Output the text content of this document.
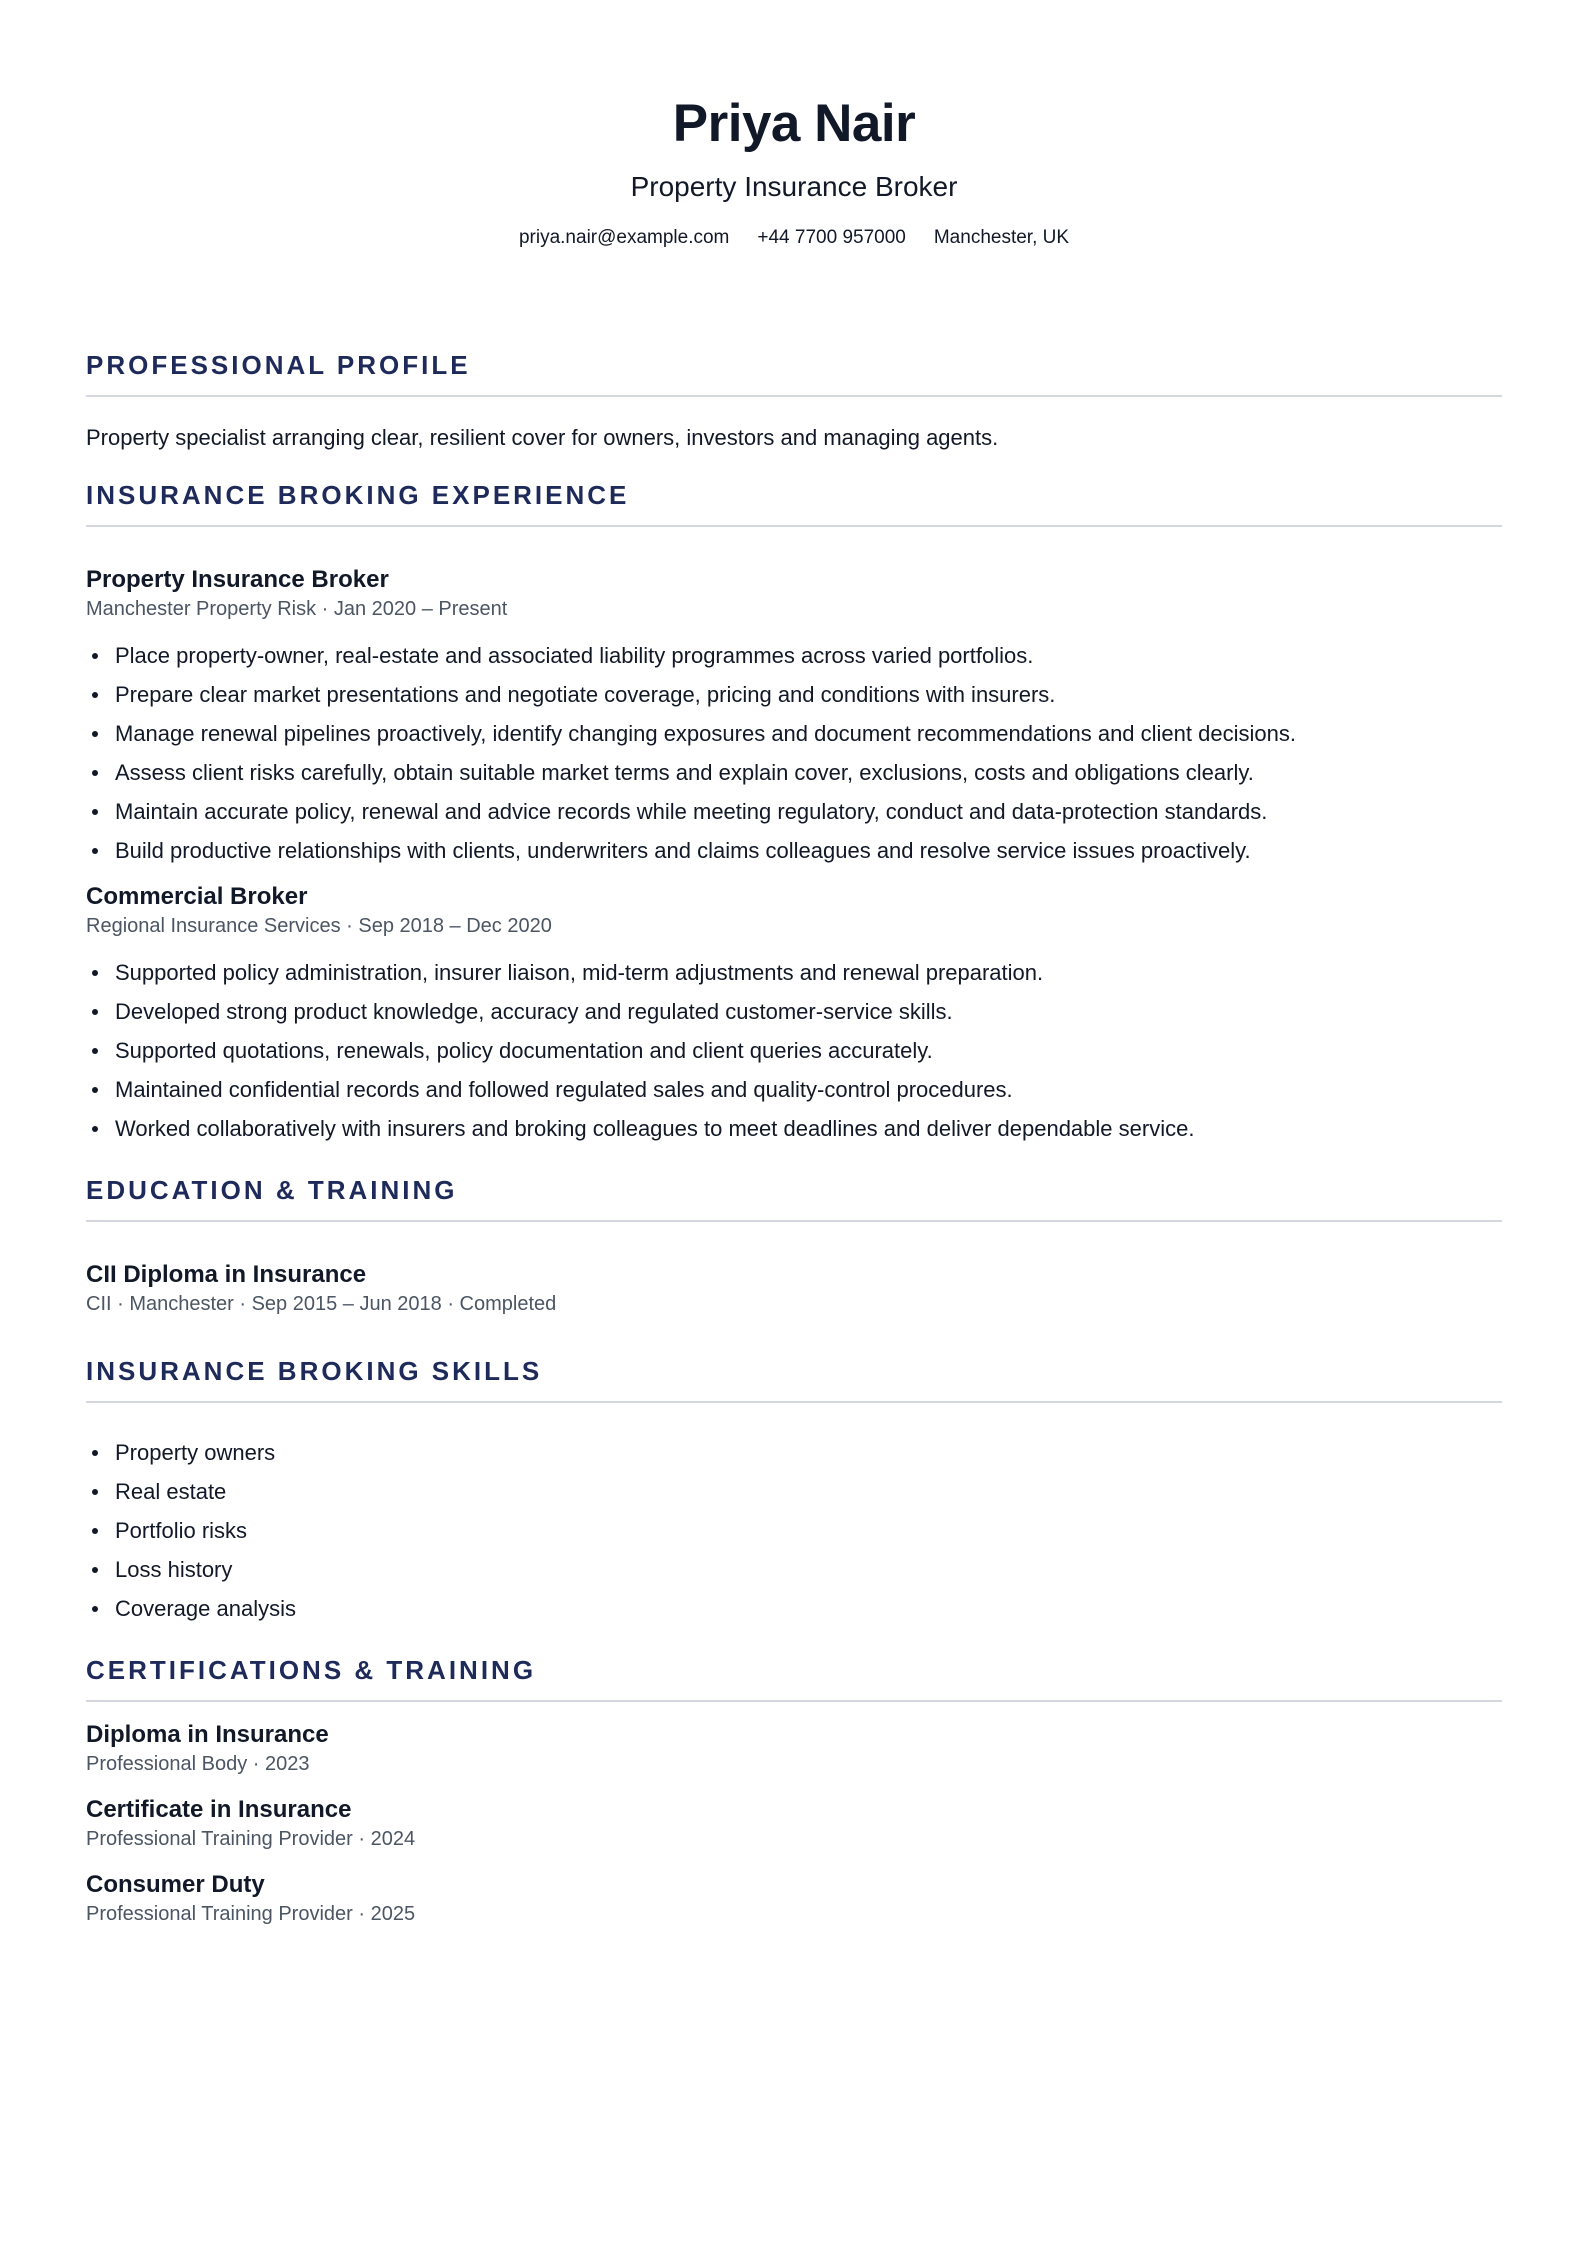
Priya Nair
Property Insurance Broker
priya.nair@example.com +44 7700 957000 Manchester, UK
PROFESSIONAL PROFILE
Property specialist arranging clear, resilient cover for owners, investors and managing agents.
INSURANCE BROKING EXPERIENCE
Property Insurance Broker
Manchester Property Risk · Jan 2020 – Present
Place property-owner, real-estate and associated liability programmes across varied portfolios.
Prepare clear market presentations and negotiate coverage, pricing and conditions with insurers.
Manage renewal pipelines proactively, identify changing exposures and document recommendations and client decisions.
Assess client risks carefully, obtain suitable market terms and explain cover, exclusions, costs and obligations clearly.
Maintain accurate policy, renewal and advice records while meeting regulatory, conduct and data-protection standards.
Build productive relationships with clients, underwriters and claims colleagues and resolve service issues proactively.
Commercial Broker
Regional Insurance Services · Sep 2018 – Dec 2020
Supported policy administration, insurer liaison, mid-term adjustments and renewal preparation.
Developed strong product knowledge, accuracy and regulated customer-service skills.
Supported quotations, renewals, policy documentation and client queries accurately.
Maintained confidential records and followed regulated sales and quality-control procedures.
Worked collaboratively with insurers and broking colleagues to meet deadlines and deliver dependable service.
EDUCATION & TRAINING
CII Diploma in Insurance
CII · Manchester · Sep 2015 – Jun 2018 · Completed
INSURANCE BROKING SKILLS
Property owners
Real estate
Portfolio risks
Loss history
Coverage analysis
CERTIFICATIONS & TRAINING
Diploma in Insurance
Professional Body · 2023
Certificate in Insurance
Professional Training Provider · 2024
Consumer Duty
Professional Training Provider · 2025
